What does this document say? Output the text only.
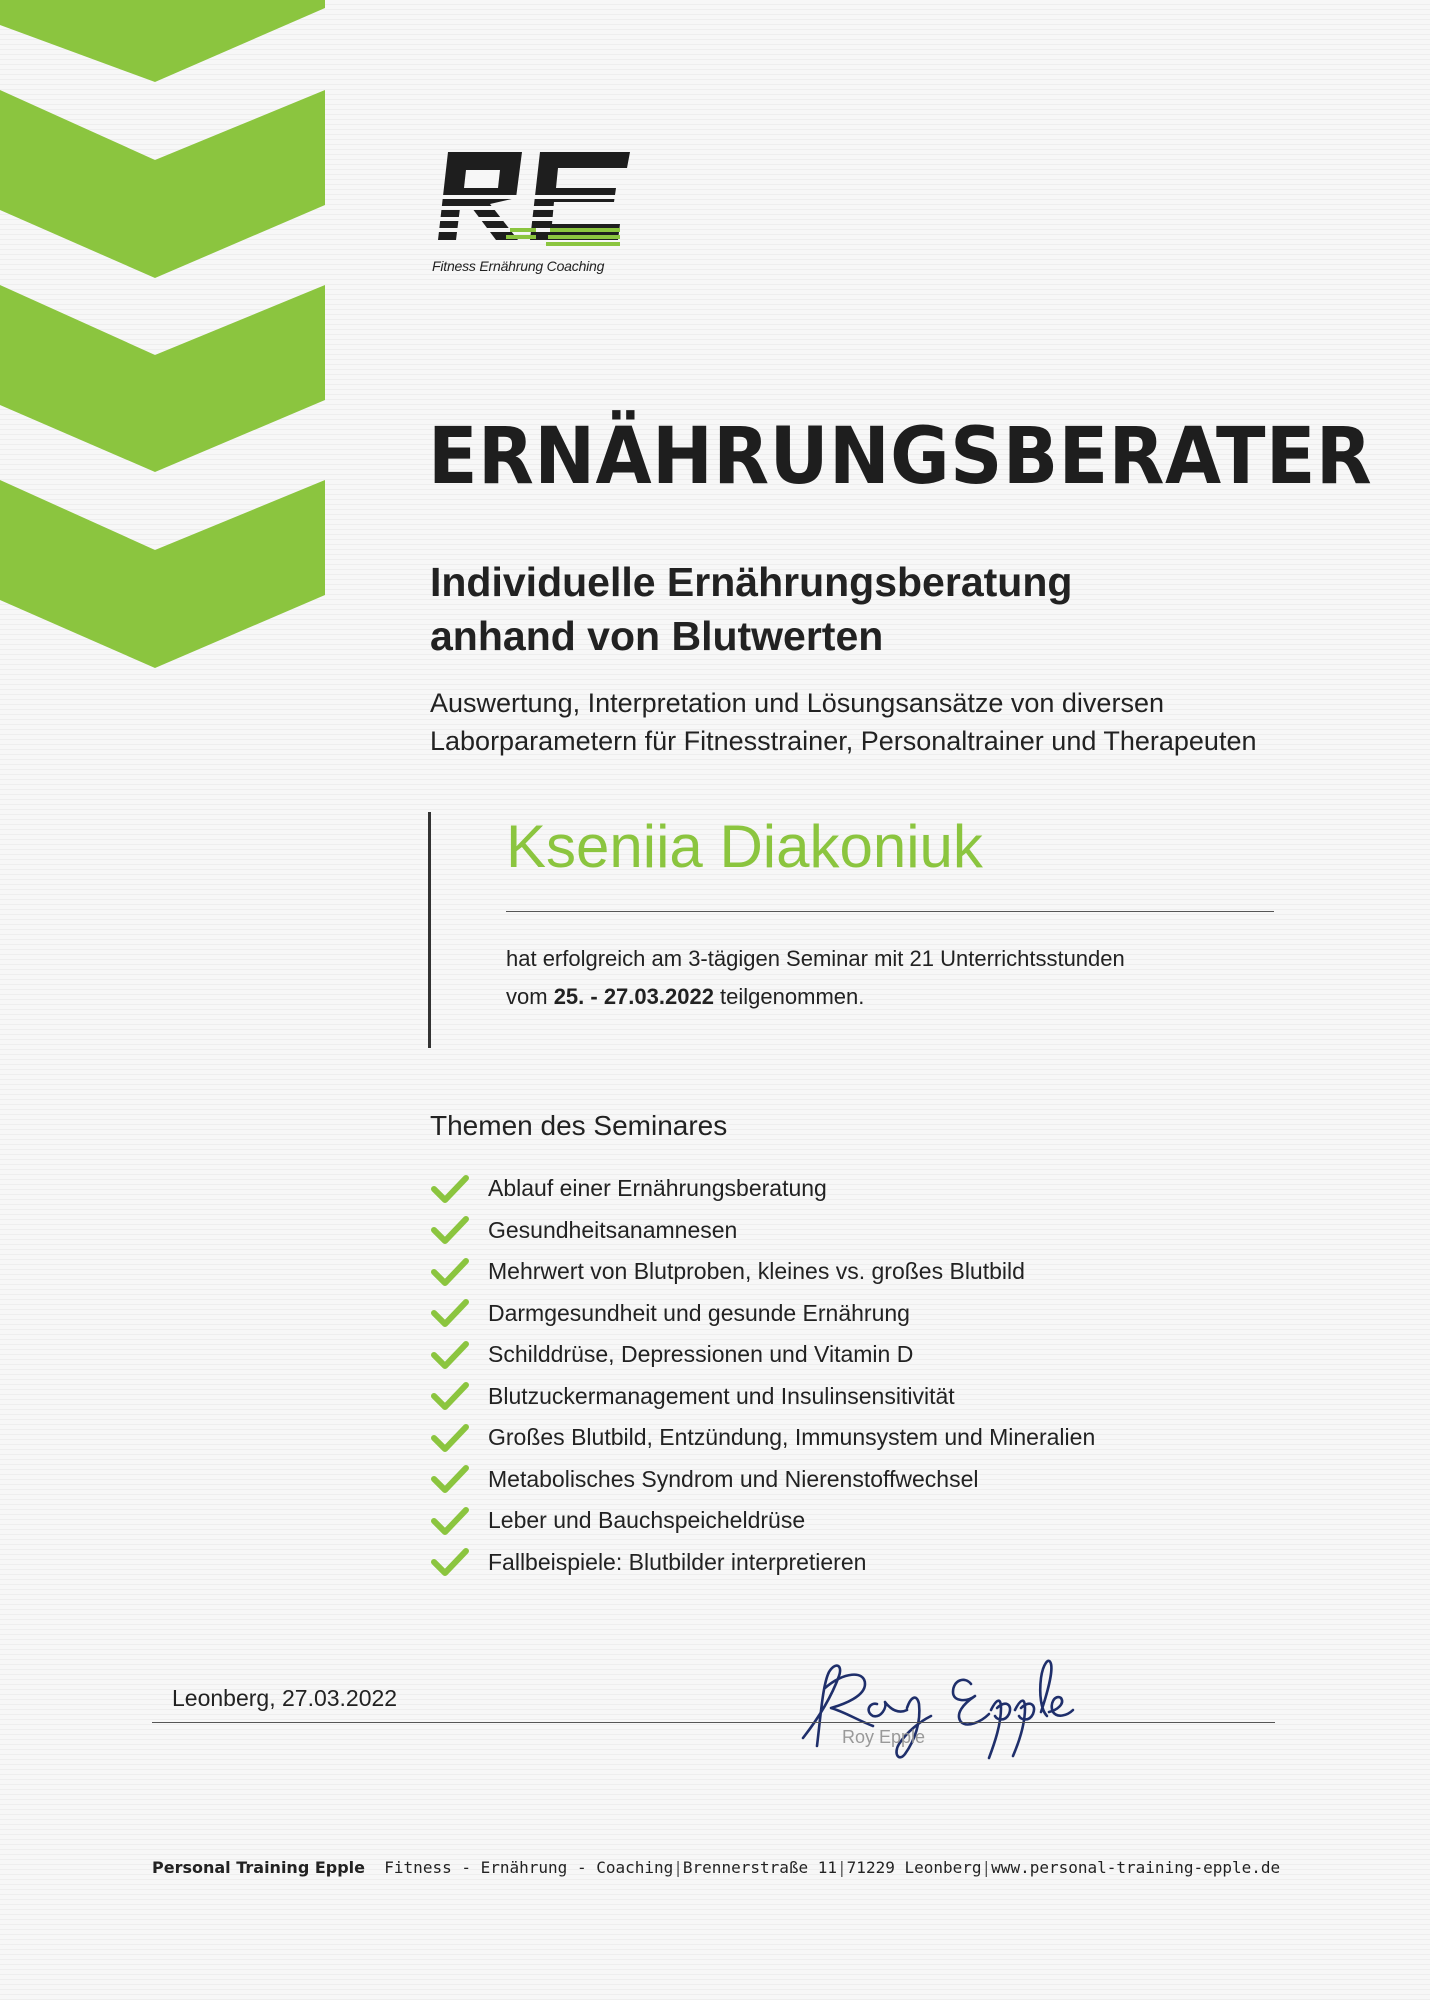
Fitness Ernährung Coaching
ERNÄHRUNGSBERATER
Individuelle Ernährungsberatung
anhand von Blutwerten
Auswertung, Interpretation und Lösungsansätze von diversen
Laborparametern für Fitnesstrainer, Personaltrainer und Therapeuten
Kseniia Diakoniuk
hat erfolgreich am 3-tägigen Seminar mit 21 Unterrichtsstunden
vom 25. - 27.03.2022 teilgenommen.
Themen des Seminares
Ablauf einer Ernährungsberatung
Gesundheitsanamnesen
Mehrwert von Blutproben, kleines vs. großes Blutbild
Darmgesundheit und gesunde Ernährung
Schilddrüse, Depressionen und Vitamin D
Blutzuckermanagement und Insulinsensitivität
Großes Blutbild, Entzündung, Immunsystem und Mineralien
Metabolisches Syndrom und Nierenstoffwechsel
Leber und Bauchspeicheldrüse
Fallbeispiele: Blutbilder interpretieren
Leonberg, 27.03.2022
Roy Epple
Personal Training Epple Fitness - Ernährung - Coaching | Brennerstraße 11 | 71229 Leonberg | www.personal-training-epple.de
